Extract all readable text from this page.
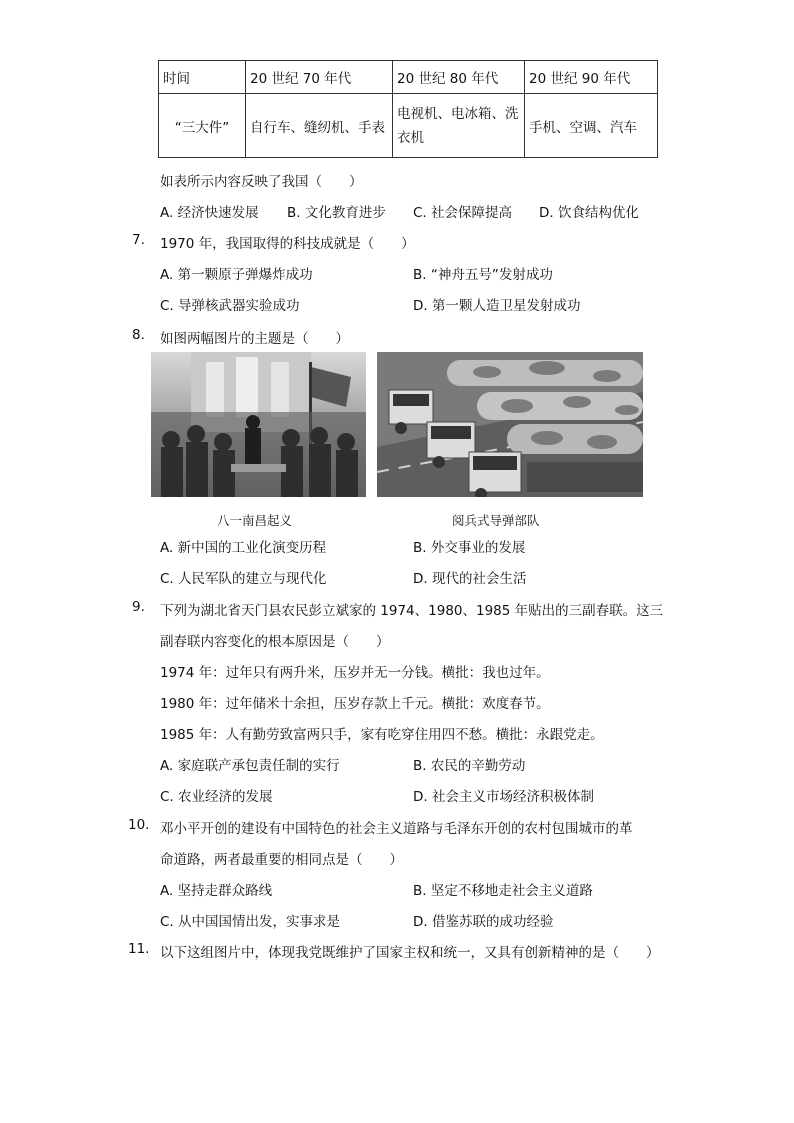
时间	20 世纪 70 年代	20 世纪 80 年代	20 世纪 90 年代
“三大件”	自行车、缝纫机、手表	电视机、电冰箱、洗衣机	手机、空调、汽车
如表所示内容反映了我国（　　）
A. 经济快速发展 B. 文化教育进步 C. 社会保障提高 D. 饮食结构优化
7. 1970 年，我国取得的科技成就是（　　）
A. 第一颗原子弹爆炸成功	B. “神舟五号”发射成功
C. 导弹核武器实验成功	D. 第一颗人造卫星发射成功
8. 如图两幅图片的主题是（　　）
八一南昌起义	阅兵式导弹部队
A. 新中国的工业化演变历程	B. 外交事业的发展
C. 人民军队的建立与现代化	D. 现代的社会生活
9. 下列为湖北省天门县农民彭立斌家的 1974、1980、1985 年贴出的三副春联。这三
副春联内容变化的根本原因是（　　）
1974 年：过年只有两升米，压岁并无一分钱。横批：我也过年。
1980 年：过年储米十余担，压岁存款上千元。横批：欢度春节。
1985 年：人有勤劳致富两只手，家有吃穿住用四不愁。横批：永跟党走。
A. 家庭联产承包责任制的实行	B. 农民的辛勤劳动
C. 农业经济的发展	D. 社会主义市场经济积极体制
10. 邓小平开创的建设有中国特色的社会主义道路与毛泽东开创的农村包围城市的革
命道路，两者最重要的相同点是（　　）
A. 坚持走群众路线	B. 坚定不移地走社会主义道路
C. 从中国国情出发，实事求是	D. 借鉴苏联的成功经验
11. 以下这组图片中，体现我党既维护了国家主权和统一，又具有创新精神的是（　　）
